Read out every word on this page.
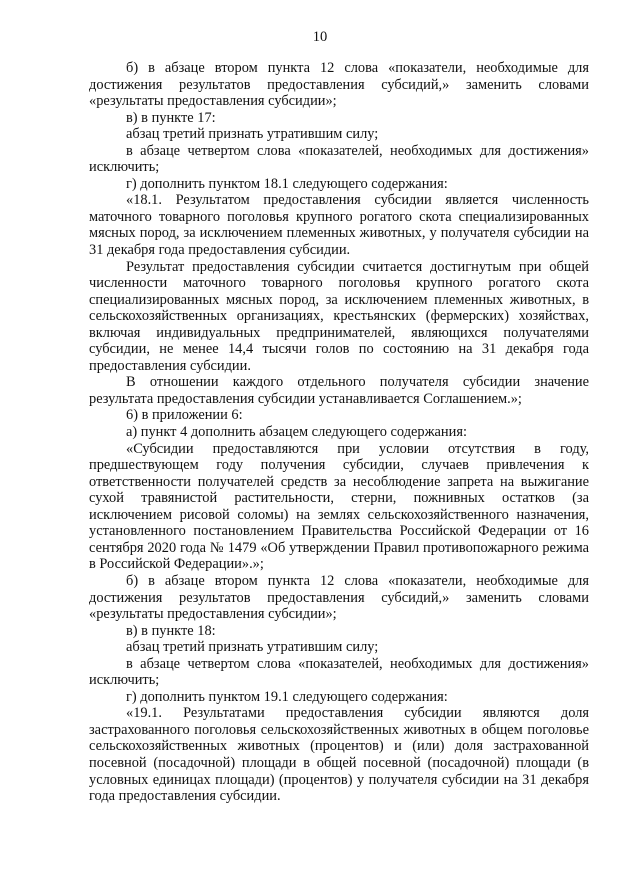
10

б) в абзаце втором пункта 12 слова «показатели, необходимые для достижения результатов предоставления субсидий,» заменить словами «результаты предоставления субсидии»;

в) в пункте 17:

абзац третий признать утратившим силу;

в абзаце четвертом слова «показателей, необходимых для достижения» исключить;

г) дополнить пунктом 18.1 следующего содержания:

«18.1. Результатом предоставления субсидии является численность маточного товарного поголовья крупного рогатого скота специализированных мясных пород, за исключением племенных животных, у получателя субсидии на 31 декабря года предоставления субсидии.

Результат предоставления субсидии считается достигнутым при общей численности маточного товарного поголовья крупного рогатого скота специализированных мясных пород, за исключением племенных животных, в сельскохозяйственных организациях, крестьянских (фермерских) хозяйствах, включая индивидуальных предпринимателей, являющихся получателями субсидии, не менее 14,4 тысячи голов по состоянию на 31 декабря года предоставления субсидии.

В отношении каждого отдельного получателя субсидии значение результата предоставления субсидии устанавливается Соглашением.»;

6) в приложении 6:

а) пункт 4 дополнить абзацем следующего содержания:

«Субсидии предоставляются при условии отсутствия в году, предшествующем году получения субсидии, случаев привлечения к ответственности получателей средств за несоблюдение запрета на выжигание сухой травянистой растительности, стерни, пожнивных остатков (за исключением рисовой соломы) на землях сельскохозяйственного назначения, установленного постановлением Правительства Российской Федерации от 16 сентября 2020 года № 1479 «Об утверждении Правил противопожарного режима в Российской Федерации».»;

б) в абзаце втором пункта 12 слова «показатели, необходимые для достижения результатов предоставления субсидий,» заменить словами «результаты предоставления субсидии»;

в) в пункте 18:

абзац третий признать утратившим силу;

в абзаце четвертом слова «показателей, необходимых для достижения» исключить;

г) дополнить пунктом 19.1 следующего содержания:

«19.1. Результатами предоставления субсидии являются доля застрахованного поголовья сельскохозяйственных животных в общем поголовье сельскохозяйственных животных (процентов) и (или) доля застрахованной посевной (посадочной) площади в общей посевной (посадочной) площади (в условных единицах площади) (процентов) у получателя субсидии на 31 декабря года предоставления субсидии.
